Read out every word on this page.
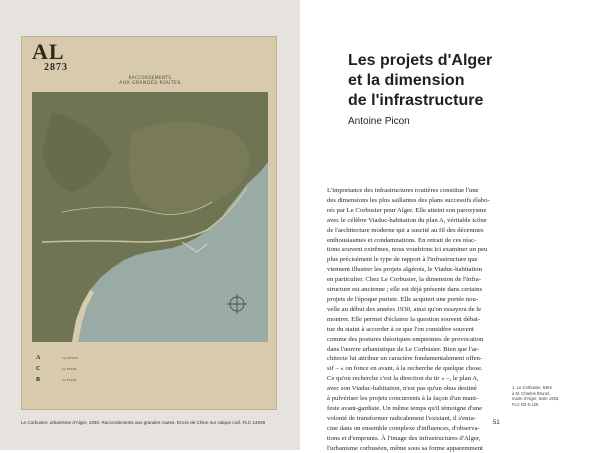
AL
2873
RACCORDEMENTS
AUX GRANDES ROUTES
A	1er ETAGE
C	2e ETAGE
B	3e ETAGE
Le Corbusier, urbanisme d'Alger, 1930. Raccordements aux grandes routes. Encre de Chine sur calque civil. FLC 14948
Les projets d'Alger
et la dimension
de l'infrastructure
Antoine Picon
L'importance des infrastructures routières constitue l'une
des dimensions les plus saillantes des plans successifs élabo-
rés par Le Corbusier pour Alger. Elle atteint son paroxysme
avec le célèbre Viaduc-habitation du plan A, véritable icône
de l'architecture moderne qui a suscité au fil des décennies
enthousiasmes et condamnations. En retrait de ces réac-
tions souvent extrêmes, nous voudrions ici examiner un peu
plus précisément le type de rapport à l'infrastructure que
viennent illustrer les projets algérois, le Viaduc-habitation
en particulier. Chez Le Corbusier, la dimension de l'infra-
structure est ancienne ; elle est déjà présente dans certains
projets de l'époque puriste. Elle acquiert une portée nou-
velle au début des années 1930, ainsi qu'on essayera de le
montrer. Elle permet d'éclairer la question souvent débat-
tue du statut à accorder à ce que l'on considère souvent
comme des postures théoriques empreintes de provocation
dans l'œuvre urbanistique de Le Corbusier. Bien que l'ar-
chitecte lui attribue un caractère fondamentalement offen-
sif – « on fonce en avant, à la recherche de quelque chose.
Ce qu'on recherche c'est la direction du tir » –, le plan A,
avec son Viaduc-habitation, n'est pas qu'un obus destiné
à pulvériser les projets concurrents à la façon d'un mani-
feste avant-gardiste. Un même temps qu'il témoigne d'une
volonté de transformer radicalement l'existant, il s'enra-
cine dans un ensemble complexe d'influences, d'observa-
tions et d'emprunts. À l'image des infrastructures d'Alger,
l'urbanisme corbuséen, même sous sa forme apparemment
1. Le Corbusier, lettre
à M. Charles Brunel,
maire d'Alger, texte 1933,
FLC B3-5-129
51
